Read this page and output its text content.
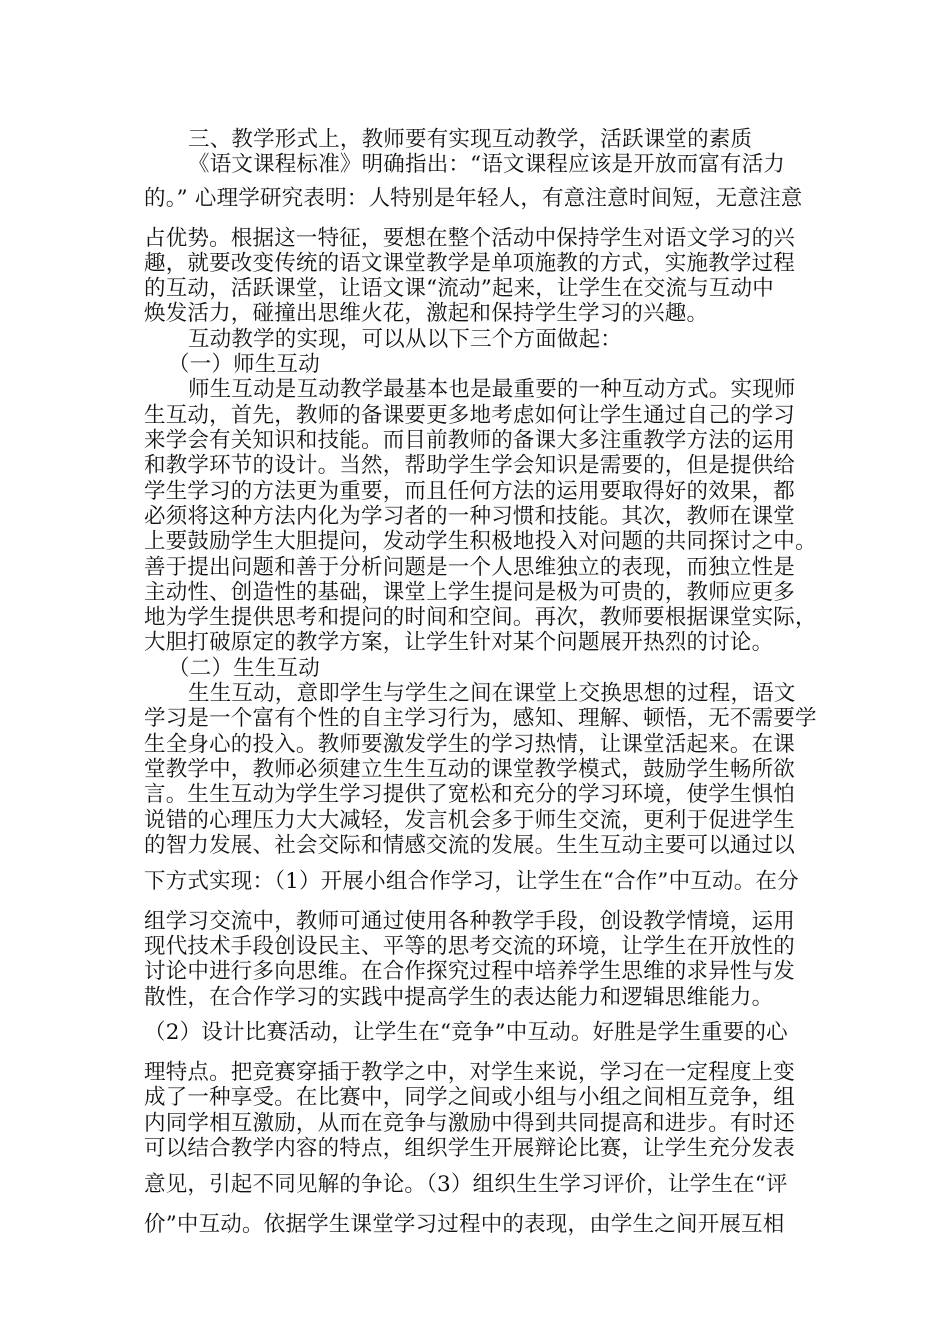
三、教学形式上，教师要有实现互动教学，活跃课堂的素质

《语文课程标准》明确指出：“语文课程应该是开放而富有活力

的。” 心理学研究表明：人特别是年轻人，有意注意时间短，无意注意

占优势。根据这一特征，要想在整个活动中保持学生对语文学习的兴

趣，就要改变传统的语文课堂教学是单项施教的方式，实施教学过程

的互动，活跃课堂，让语文课“流动”起来，让学生在交流与互动中

焕发活力，碰撞出思维火花，激起和保持学生学习的兴趣。

互动教学的实现，可以从以下三个方面做起：

（一）师生互动

师生互动是互动教学最基本也是最重要的一种互动方式。实现师

生互动，首先，教师的备课要更多地考虑如何让学生通过自己的学习

来学会有关知识和技能。而目前教师的备课大多注重教学方法的运用

和教学环节的设计。当然，帮助学生学会知识是需要的，但是提供给

学生学习的方法更为重要，而且任何方法的运用要取得好的效果，都

必须将这种方法内化为学习者的一种习惯和技能。其次，教师在课堂

上要鼓励学生大胆提问，发动学生积极地投入对问题的共同探讨之中。

善于提出问题和善于分析问题是一个人思维独立的表现，而独立性是

主动性、创造性的基础，课堂上学生提问是极为可贵的，教师应更多

地为学生提供思考和提问的时间和空间。再次，教师要根据课堂实际，

大胆打破原定的教学方案，让学生针对某个问题展开热烈的讨论。

（二）生生互动

生生互动，意即学生与学生之间在课堂上交换思想的过程，语文

学习是一个富有个性的自主学习行为，感知、理解、顿悟，无不需要学

生全身心的投入。教师要激发学生的学习热情，让课堂活起来。在课

堂教学中，教师必须建立生生互动的课堂教学模式，鼓励学生畅所欲

言。生生互动为学生学习提供了宽松和充分的学习环境，使学生惧怕

说错的心理压力大大减轻，发言机会多于师生交流，更利于促进学生

的智力发展、社会交际和情感交流的发展。生生互动主要可以通过以

下方式实现：（1）开展小组合作学习，让学生在“合作”中互动。在分

组学习交流中，教师可通过使用各种教学手段，创设教学情境，运用

现代技术手段创设民主、平等的思考交流的环境，让学生在开放性的

讨论中进行多向思维。在合作探究过程中培养学生思维的求异性与发

散性，在合作学习的实践中提高学生的表达能力和逻辑思维能力。

（2）设计比赛活动，让学生在“竞争”中互动。好胜是学生重要的心

理特点。把竞赛穿插于教学之中，对学生来说，学习在一定程度上变

成了一种享受。在比赛中，同学之间或小组与小组之间相互竞争，组

内同学相互激励，从而在竞争与激励中得到共同提高和进步。有时还

可以结合教学内容的特点，组织学生开展辩论比赛，让学生充分发表

意见，引起不同见解的争论。（3）组织生生学习评价，让学生在“评

价”中互动。依据学生课堂学习过程中的表现，由学生之间开展互相
